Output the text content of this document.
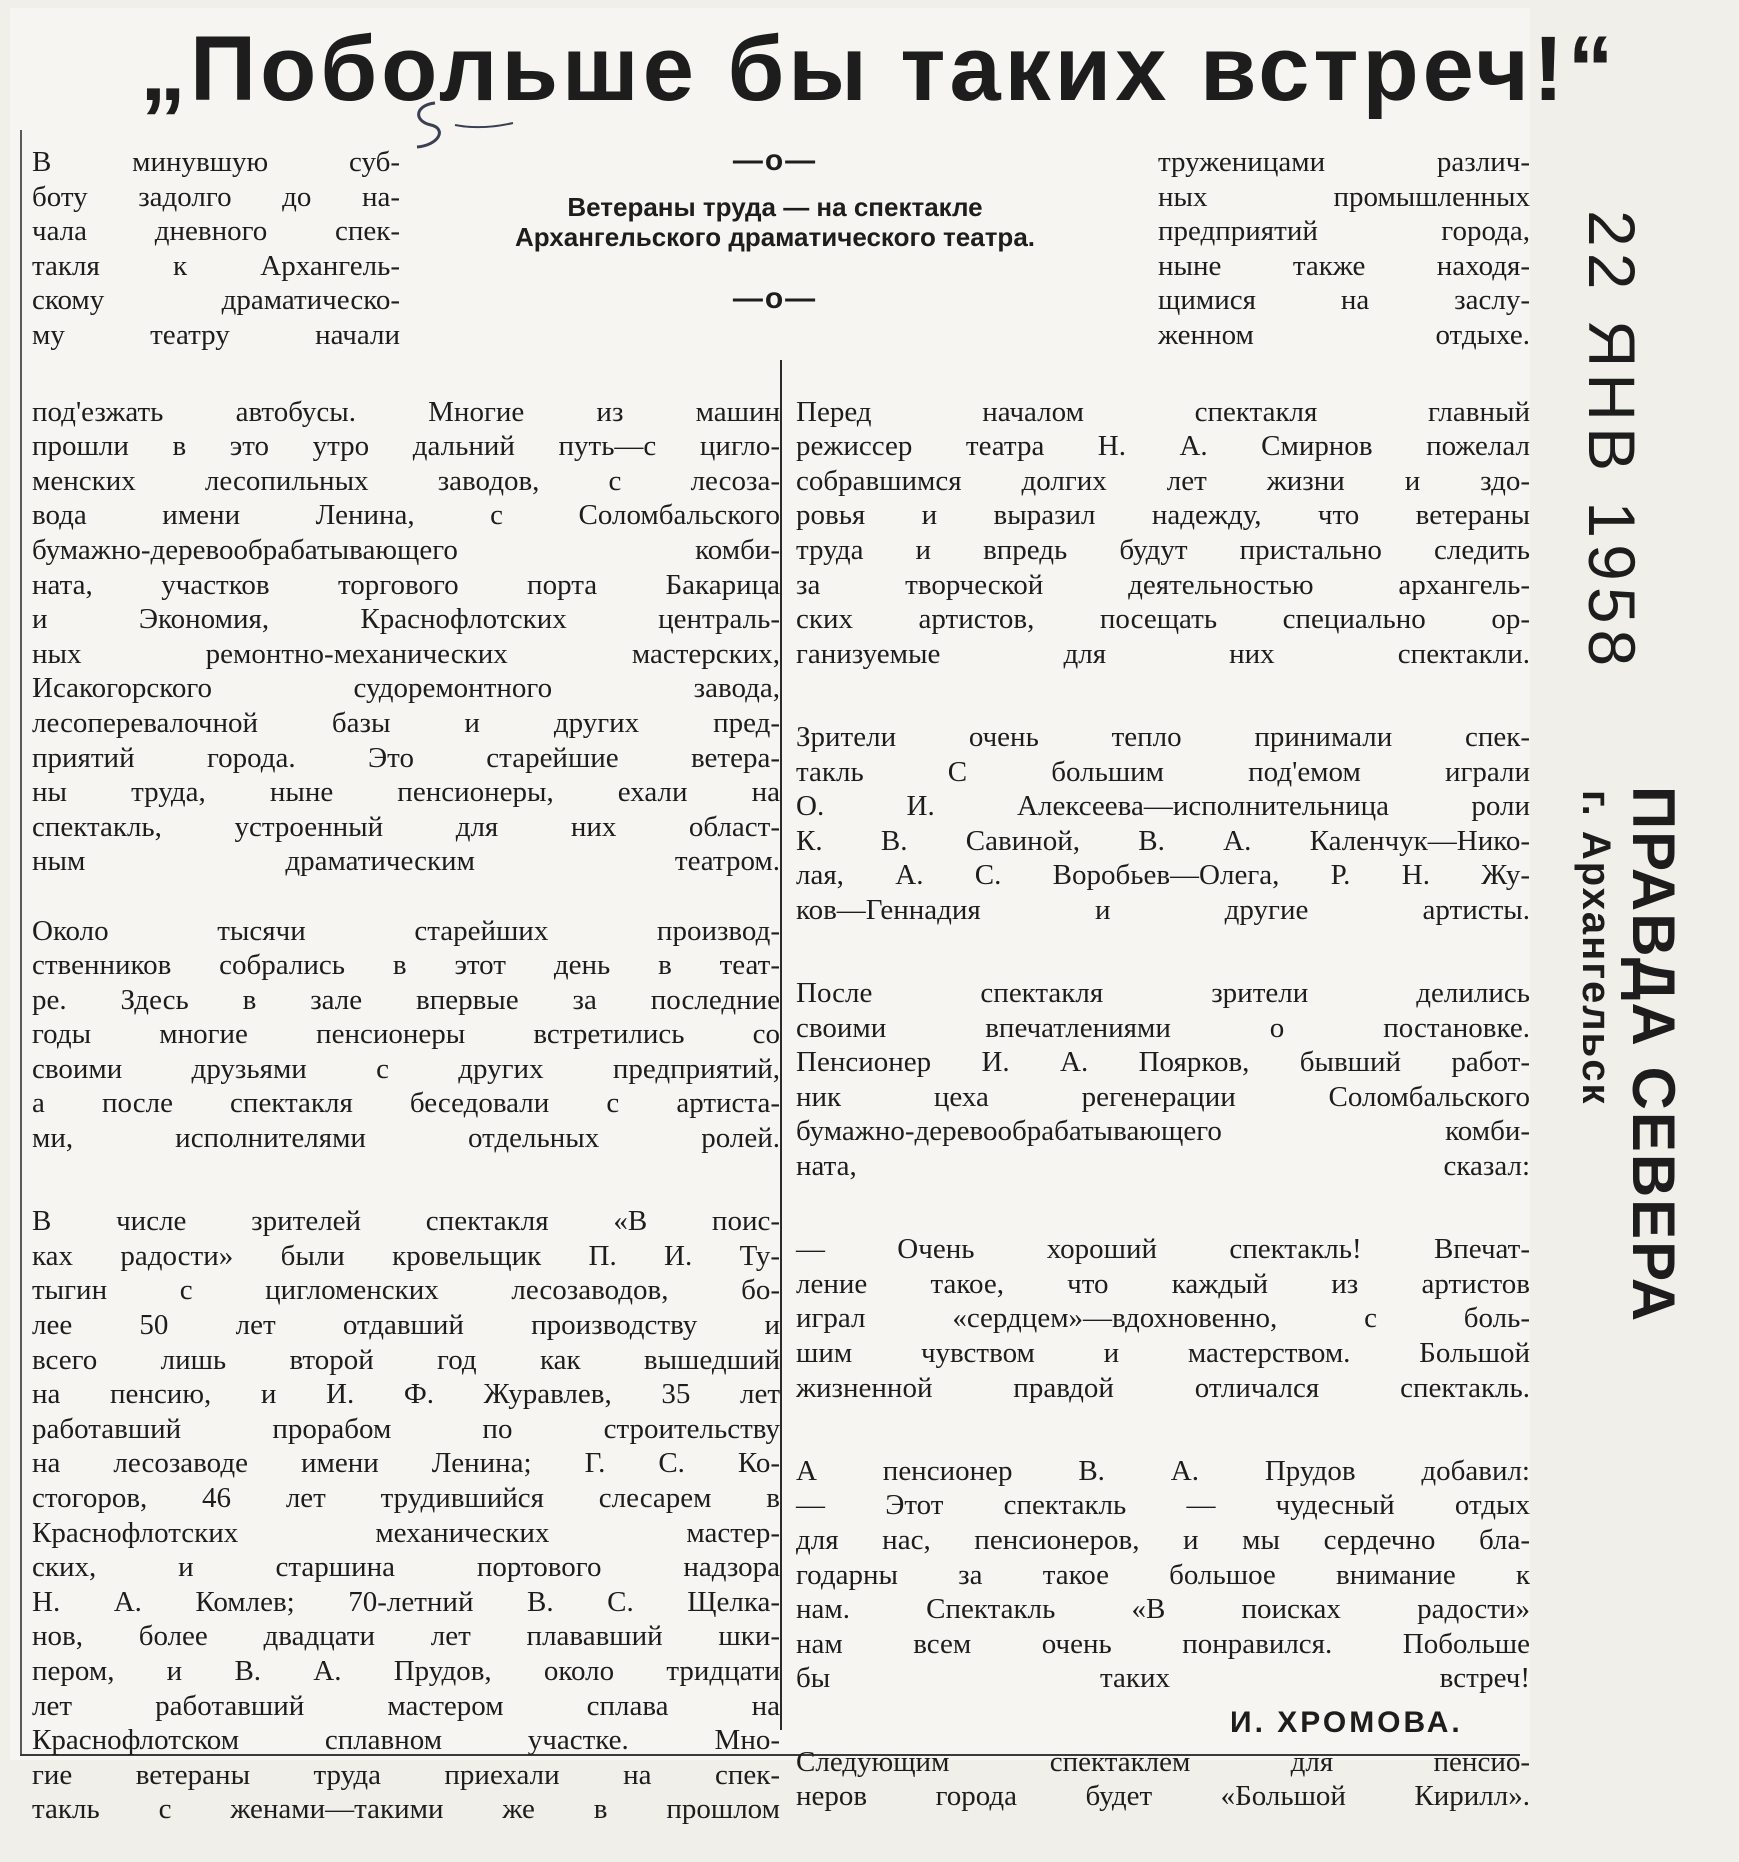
„Побольше бы таких встреч!“

—о—

Ветераны труда — на спектакле
Архангельского драматического театра.

—о—

В минувшую суб-
боту задолго до на-
чала дневного спек-
такля к Архангель-
скому драматическо-
му театру начали

труженицами различ-
ных промышленных
предприятий города,
ныне также находя-
щимися на заслу-
женном отдыхе.

под'езжать автобусы. Многие из машин
прошли в это утро дальний путь—с цигло-
менских лесопильных заводов, с лесоза-
вода имени Ленина, с Соломбальского
бумажно-деревообрабатывающего комби-
ната, участков торгового порта Бакарица
и Экономия, Краснофлотских централь-
ных ремонтно-механических мастерских,
Исакогорского судоремонтного завода,
лесоперевалочной базы и других пред-
приятий города. Это старейшие ветера-
ны труда, ныне пенсионеры, ехали на
спектакль, устроенный для них област-
ным драматическим театром.

Около тысячи старейших производ-
ственников собрались в этот день в теат-
ре. Здесь в зале впервые за последние
годы многие пенсионеры встретились со
своими друзьями с других предприятий,
а после спектакля беседовали с артиста-
ми, исполнителями отдельных ролей.

В числе зрителей спектакля «В поис-
ках радости» были кровельщик П. И. Ту-
тыгин с цигломенских лесозаводов, бо-
лее 50 лет отдавший производству и
всего лишь второй год как вышедший
на пенсию, и И. Ф. Журавлев, 35 лет
работавший прорабом по строительству
на лесозаводе имени Ленина; Г. С. Ко-
стогоров, 46 лет трудившийся слесарем в
Краснофлотских механических мастер-
ских, и старшина портового надзора
Н. А. Комлев; 70-летний В. С. Щелка-
нов, более двадцати лет плававший шки-
пером, и В. А. Прудов, около тридцати
лет работавший мастером сплава на
Краснофлотском сплавном участке. Мно-
гие ветераны труда приехали на спек-
такль с женами—такими же в прошлом

Перед началом спектакля главный
режиссер театра Н. А. Смирнов пожелал
собравшимся долгих лет жизни и здо-
ровья и выразил надежду, что ветераны
труда и впредь будут пристально следить
за творческой деятельностью архангель-
ских артистов, посещать специально ор-
ганизуемые для них спектакли.

Зрители очень тепло принимали спек-
такль С большим под'емом играли
О. И. Алексеева—исполнительница роли
К. В. Савиной, В. А. Каленчук—Нико-
лая, А. С. Воробьев—Олега, Р. Н. Жу-
ков—Геннадия и другие артисты.

После спектакля зрители делились
своими впечатлениями о постановке.
Пенсионер И. А. Поярков, бывший работ-
ник цеха регенерации Соломбальского
бумажно-деревообрабатывающего комби-
ната, сказал:

— Очень хороший спектакль! Впечат-
ление такое, что каждый из артистов
играл «сердцем»—вдохновенно, с боль-
шим чувством и мастерством. Большой
жизненной правдой отличался спектакль.

А пенсионер В. А. Прудов добавил:
— Этот спектакль — чудесный отдых
для нас, пенсионеров, и мы сердечно бла-
годарны за такое большое внимание к
нам. Спектакль «В поисках радости»
нам всем очень понравился. Побольше
бы таких встреч!

Следующим спектаклем для пенсио-
неров города будет «Большой Кирилл».

И. ХРОМОВА.

22 ЯНВ 1958

ПРАВДА СЕВЕРА

г. Архангельск
